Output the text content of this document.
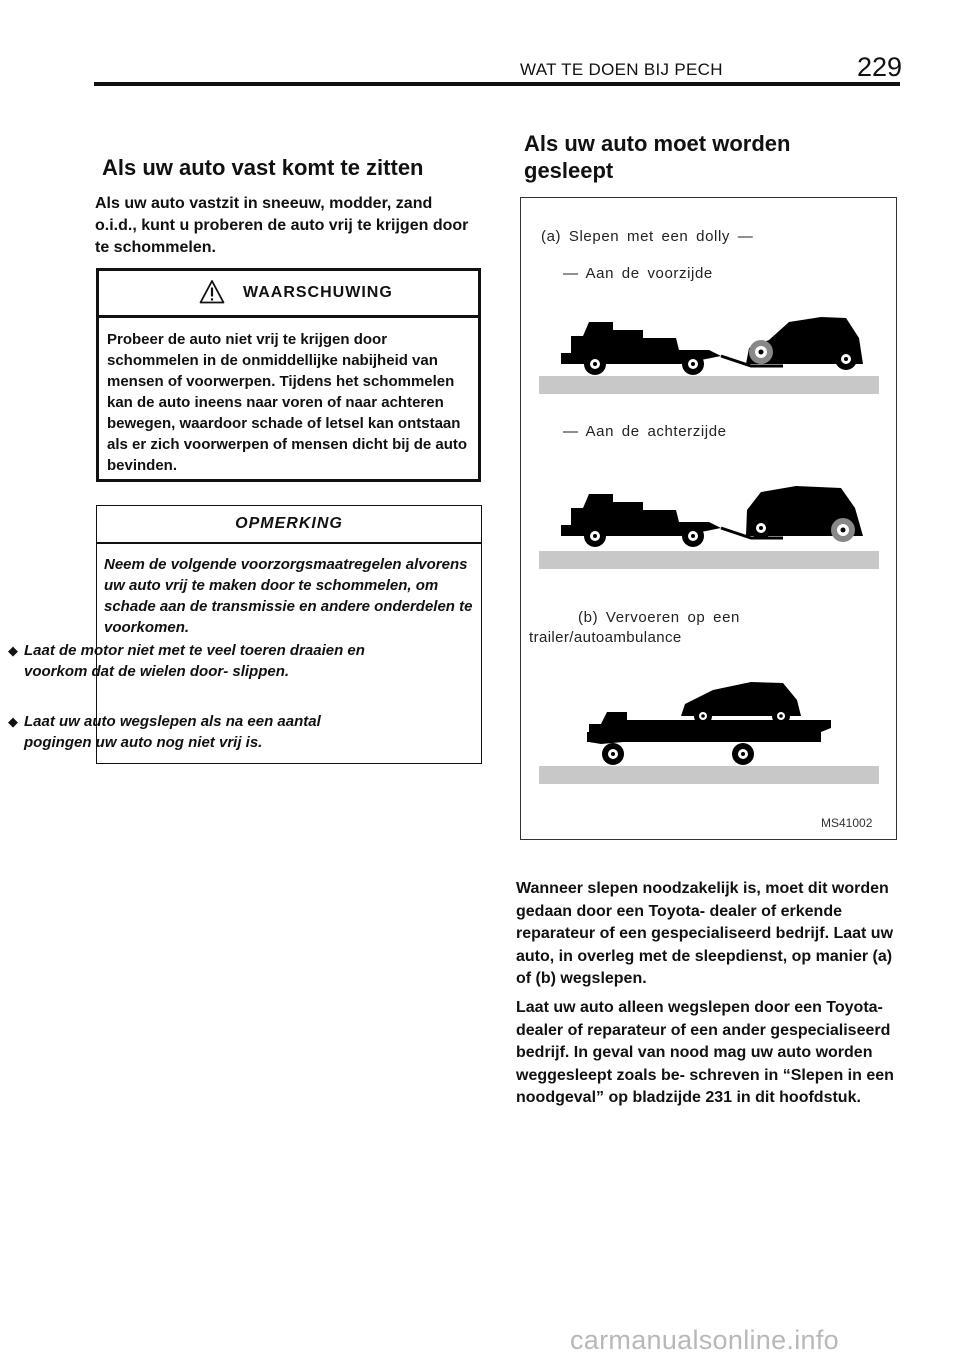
WAT TE DOEN BIJ PECH	229
Als uw auto vast komt te zitten
Als uw auto vastzit in sneeuw, modder, zand o.i.d., kunt u proberen de auto vrij te krijgen door te schommelen.
WAARSCHUWING
Probeer de auto niet vrij te krijgen door schommelen in de onmiddellijke nabijheid van mensen of voorwerpen. Tijdens het schommelen kan de auto ineens naar voren of naar achteren bewegen, waardoor schade of letsel kan ontstaan als er zich voorwerpen of mensen dicht bij de auto bevinden.
OPMERKING
Neem de volgende voorzorgsmaatregelen alvorens uw auto vrij te maken door te schommelen, om schade aan de transmissie en andere onderdelen te voorkomen.
◆ Laat de motor niet met te veel toeren draaien en voorkom dat de wielen door- slippen.
◆ Laat uw auto wegslepen als na een aantal pogingen uw auto nog niet vrij is.
Als uw auto moet worden gesleept
(a) Slepen met een dolly —
— Aan de voorzijde
— Aan de achterzijde
(b) Vervoeren op een
trailer/autoambulance
MS41002
Wanneer slepen noodzakelijk is, moet dit worden gedaan door een Toyota- dealer of erkende reparateur of een gespecialiseerd bedrijf. Laat uw auto, in overleg met de sleepdienst, op manier (a) of (b) wegslepen.
Laat uw auto alleen wegslepen door een Toyota- dealer of reparateur of een ander gespecialiseerd bedrijf. In geval van nood mag uw auto worden weggesleept zoals be- schreven in “Slepen in een noodgeval” op bladzijde 231 in dit hoofdstuk.
carmanualsonline.info
